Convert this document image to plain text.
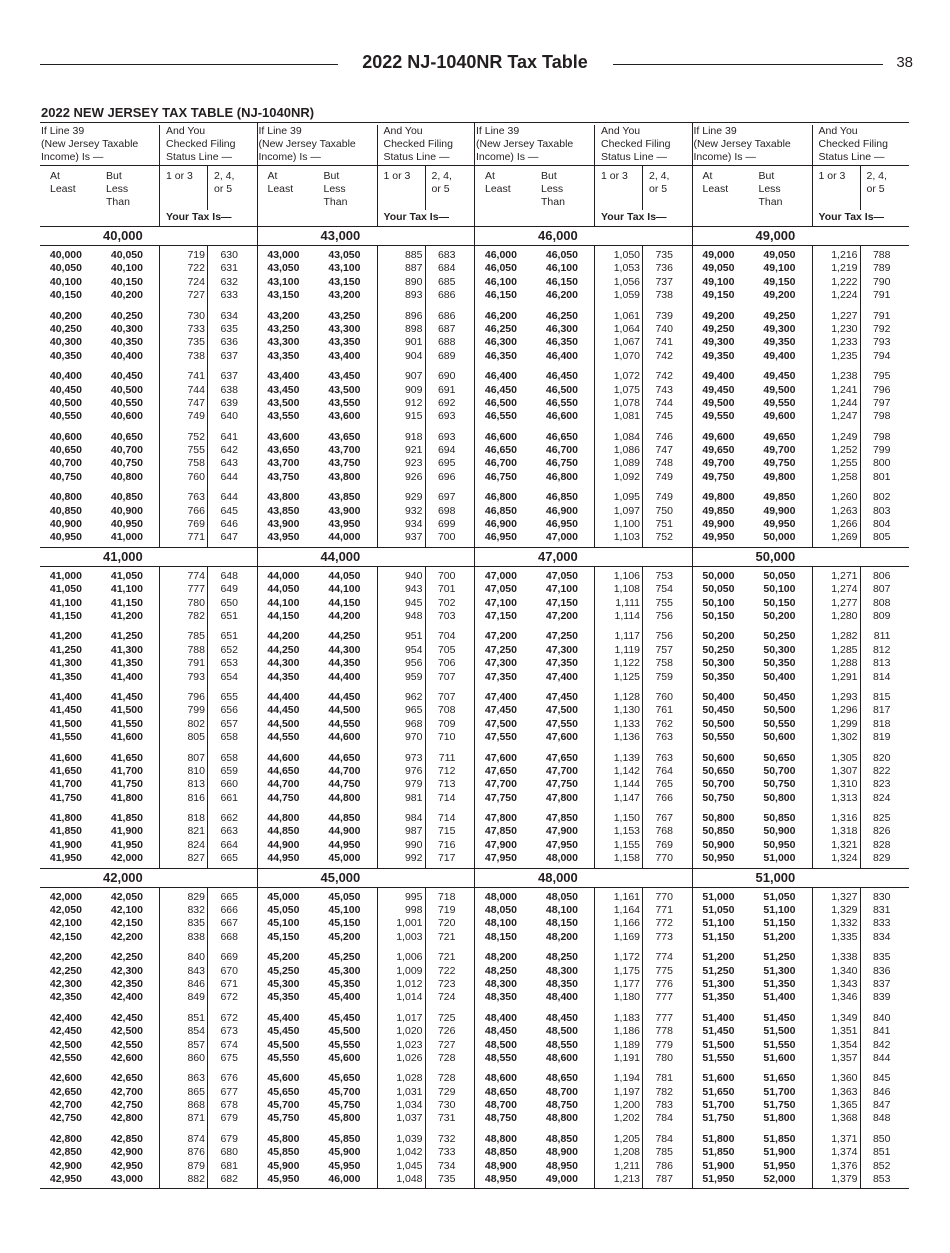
2022 NJ-1040NR Tax Table	38
2022 NEW JERSEY TAX TABLE (NJ-1040NR)
If Line 39
(New Jersey Taxable
Income) Is —
And You
Checked Filing
Status Line —
At
Least
But
Less
Than
1 or 3	2, 4,
or 5
Your Tax Is—
40,000
40,000	40,050	719	630
40,050	40,100	722	631
40,100	40,150	724	632
40,150	40,200	727	633
40,200	40,250	730	634
40,250	40,300	733	635
40,300	40,350	735	636
40,350	40,400	738	637
40,400	40,450	741	637
40,450	40,500	744	638
40,500	40,550	747	639
40,550	40,600	749	640
40,600	40,650	752	641
40,650	40,700	755	642
40,700	40,750	758	643
40,750	40,800	760	644
40,800	40,850	763	644
40,850	40,900	766	645
40,900	40,950	769	646
40,950	41,000	771	647
41,000
41,000	41,050	774	648
41,050	41,100	777	649
41,100	41,150	780	650
41,150	41,200	782	651
41,200	41,250	785	651
41,250	41,300	788	652
41,300	41,350	791	653
41,350	41,400	793	654
41,400	41,450	796	655
41,450	41,500	799	656
41,500	41,550	802	657
41,550	41,600	805	658
41,600	41,650	807	658
41,650	41,700	810	659
41,700	41,750	813	660
41,750	41,800	816	661
41,800	41,850	818	662
41,850	41,900	821	663
41,900	41,950	824	664
41,950	42,000	827	665
42,000
42,000	42,050	829	665
42,050	42,100	832	666
42,100	42,150	835	667
42,150	42,200	838	668
42,200	42,250	840	669
42,250	42,300	843	670
42,300	42,350	846	671
42,350	42,400	849	672
42,400	42,450	851	672
42,450	42,500	854	673
42,500	42,550	857	674
42,550	42,600	860	675
42,600	42,650	863	676
42,650	42,700	865	677
42,700	42,750	868	678
42,750	42,800	871	679
42,800	42,850	874	679
42,850	42,900	876	680
42,900	42,950	879	681
42,950	43,000	882	682
If Line 39
(New Jersey Taxable
Income) Is —
And You
Checked Filing
Status Line —
At
Least
But
Less
Than
1 or 3	2, 4,
or 5
Your Tax Is—
43,000
43,000	43,050	885	683
43,050	43,100	887	684
43,100	43,150	890	685
43,150	43,200	893	686
43,200	43,250	896	686
43,250	43,300	898	687
43,300	43,350	901	688
43,350	43,400	904	689
43,400	43,450	907	690
43,450	43,500	909	691
43,500	43,550	912	692
43,550	43,600	915	693
43,600	43,650	918	693
43,650	43,700	921	694
43,700	43,750	923	695
43,750	43,800	926	696
43,800	43,850	929	697
43,850	43,900	932	698
43,900	43,950	934	699
43,950	44,000	937	700
44,000
44,000	44,050	940	700
44,050	44,100	943	701
44,100	44,150	945	702
44,150	44,200	948	703
44,200	44,250	951	704
44,250	44,300	954	705
44,300	44,350	956	706
44,350	44,400	959	707
44,400	44,450	962	707
44,450	44,500	965	708
44,500	44,550	968	709
44,550	44,600	970	710
44,600	44,650	973	711
44,650	44,700	976	712
44,700	44,750	979	713
44,750	44,800	981	714
44,800	44,850	984	714
44,850	44,900	987	715
44,900	44,950	990	716
44,950	45,000	992	717
45,000
45,000	45,050	995	718
45,050	45,100	998	719
45,100	45,150	1,001	720
45,150	45,200	1,003	721
45,200	45,250	1,006	721
45,250	45,300	1,009	722
45,300	45,350	1,012	723
45,350	45,400	1,014	724
45,400	45,450	1,017	725
45,450	45,500	1,020	726
45,500	45,550	1,023	727
45,550	45,600	1,026	728
45,600	45,650	1,028	728
45,650	45,700	1,031	729
45,700	45,750	1,034	730
45,750	45,800	1,037	731
45,800	45,850	1,039	732
45,850	45,900	1,042	733
45,900	45,950	1,045	734
45,950	46,000	1,048	735
If Line 39
(New Jersey Taxable
Income) Is —
And You
Checked Filing
Status Line —
At
Least
But
Less
Than
1 or 3	2, 4,
or 5
Your Tax Is—
46,000
46,000	46,050	1,050	735
46,050	46,100	1,053	736
46,100	46,150	1,056	737
46,150	46,200	1,059	738
46,200	46,250	1,061	739
46,250	46,300	1,064	740
46,300	46,350	1,067	741
46,350	46,400	1,070	742
46,400	46,450	1,072	742
46,450	46,500	1,075	743
46,500	46,550	1,078	744
46,550	46,600	1,081	745
46,600	46,650	1,084	746
46,650	46,700	1,086	747
46,700	46,750	1,089	748
46,750	46,800	1,092	749
46,800	46,850	1,095	749
46,850	46,900	1,097	750
46,900	46,950	1,100	751
46,950	47,000	1,103	752
47,000
47,000	47,050	1,106	753
47,050	47,100	1,108	754
47,100	47,150	1,111	755
47,150	47,200	1,114	756
47,200	47,250	1,117	756
47,250	47,300	1,119	757
47,300	47,350	1,122	758
47,350	47,400	1,125	759
47,400	47,450	1,128	760
47,450	47,500	1,130	761
47,500	47,550	1,133	762
47,550	47,600	1,136	763
47,600	47,650	1,139	763
47,650	47,700	1,142	764
47,700	47,750	1,144	765
47,750	47,800	1,147	766
47,800	47,850	1,150	767
47,850	47,900	1,153	768
47,900	47,950	1,155	769
47,950	48,000	1,158	770
48,000
48,000	48,050	1,161	770
48,050	48,100	1,164	771
48,100	48,150	1,166	772
48,150	48,200	1,169	773
48,200	48,250	1,172	774
48,250	48,300	1,175	775
48,300	48,350	1,177	776
48,350	48,400	1,180	777
48,400	48,450	1,183	777
48,450	48,500	1,186	778
48,500	48,550	1,189	779
48,550	48,600	1,191	780
48,600	48,650	1,194	781
48,650	48,700	1,197	782
48,700	48,750	1,200	783
48,750	48,800	1,202	784
48,800	48,850	1,205	784
48,850	48,900	1,208	785
48,900	48,950	1,211	786
48,950	49,000	1,213	787
If Line 39
(New Jersey Taxable
Income) Is —
And You
Checked Filing
Status Line —
At
Least
But
Less
Than
1 or 3	2, 4,
or 5
Your Tax Is—
49,000
49,000	49,050	1,216	788
49,050	49,100	1,219	789
49,100	49,150	1,222	790
49,150	49,200	1,224	791
49,200	49,250	1,227	791
49,250	49,300	1,230	792
49,300	49,350	1,233	793
49,350	49,400	1,235	794
49,400	49,450	1,238	795
49,450	49,500	1,241	796
49,500	49,550	1,244	797
49,550	49,600	1,247	798
49,600	49,650	1,249	798
49,650	49,700	1,252	799
49,700	49,750	1,255	800
49,750	49,800	1,258	801
49,800	49,850	1,260	802
49,850	49,900	1,263	803
49,900	49,950	1,266	804
49,950	50,000	1,269	805
50,000
50,000	50,050	1,271	806
50,050	50,100	1,274	807
50,100	50,150	1,277	808
50,150	50,200	1,280	809
50,200	50,250	1,282	811
50,250	50,300	1,285	812
50,300	50,350	1,288	813
50,350	50,400	1,291	814
50,400	50,450	1,293	815
50,450	50,500	1,296	817
50,500	50,550	1,299	818
50,550	50,600	1,302	819
50,600	50,650	1,305	820
50,650	50,700	1,307	822
50,700	50,750	1,310	823
50,750	50,800	1,313	824
50,800	50,850	1,316	825
50,850	50,900	1,318	826
50,900	50,950	1,321	828
50,950	51,000	1,324	829
51,000
51,000	51,050	1,327	830
51,050	51,100	1,329	831
51,100	51,150	1,332	833
51,150	51,200	1,335	834
51,200	51,250	1,338	835
51,250	51,300	1,340	836
51,300	51,350	1,343	837
51,350	51,400	1,346	839
51,400	51,450	1,349	840
51,450	51,500	1,351	841
51,500	51,550	1,354	842
51,550	51,600	1,357	844
51,600	51,650	1,360	845
51,650	51,700	1,363	846
51,700	51,750	1,365	847
51,750	51,800	1,368	848
51,800	51,850	1,371	850
51,850	51,900	1,374	851
51,900	51,950	1,376	852
51,950	52,000	1,379	853
